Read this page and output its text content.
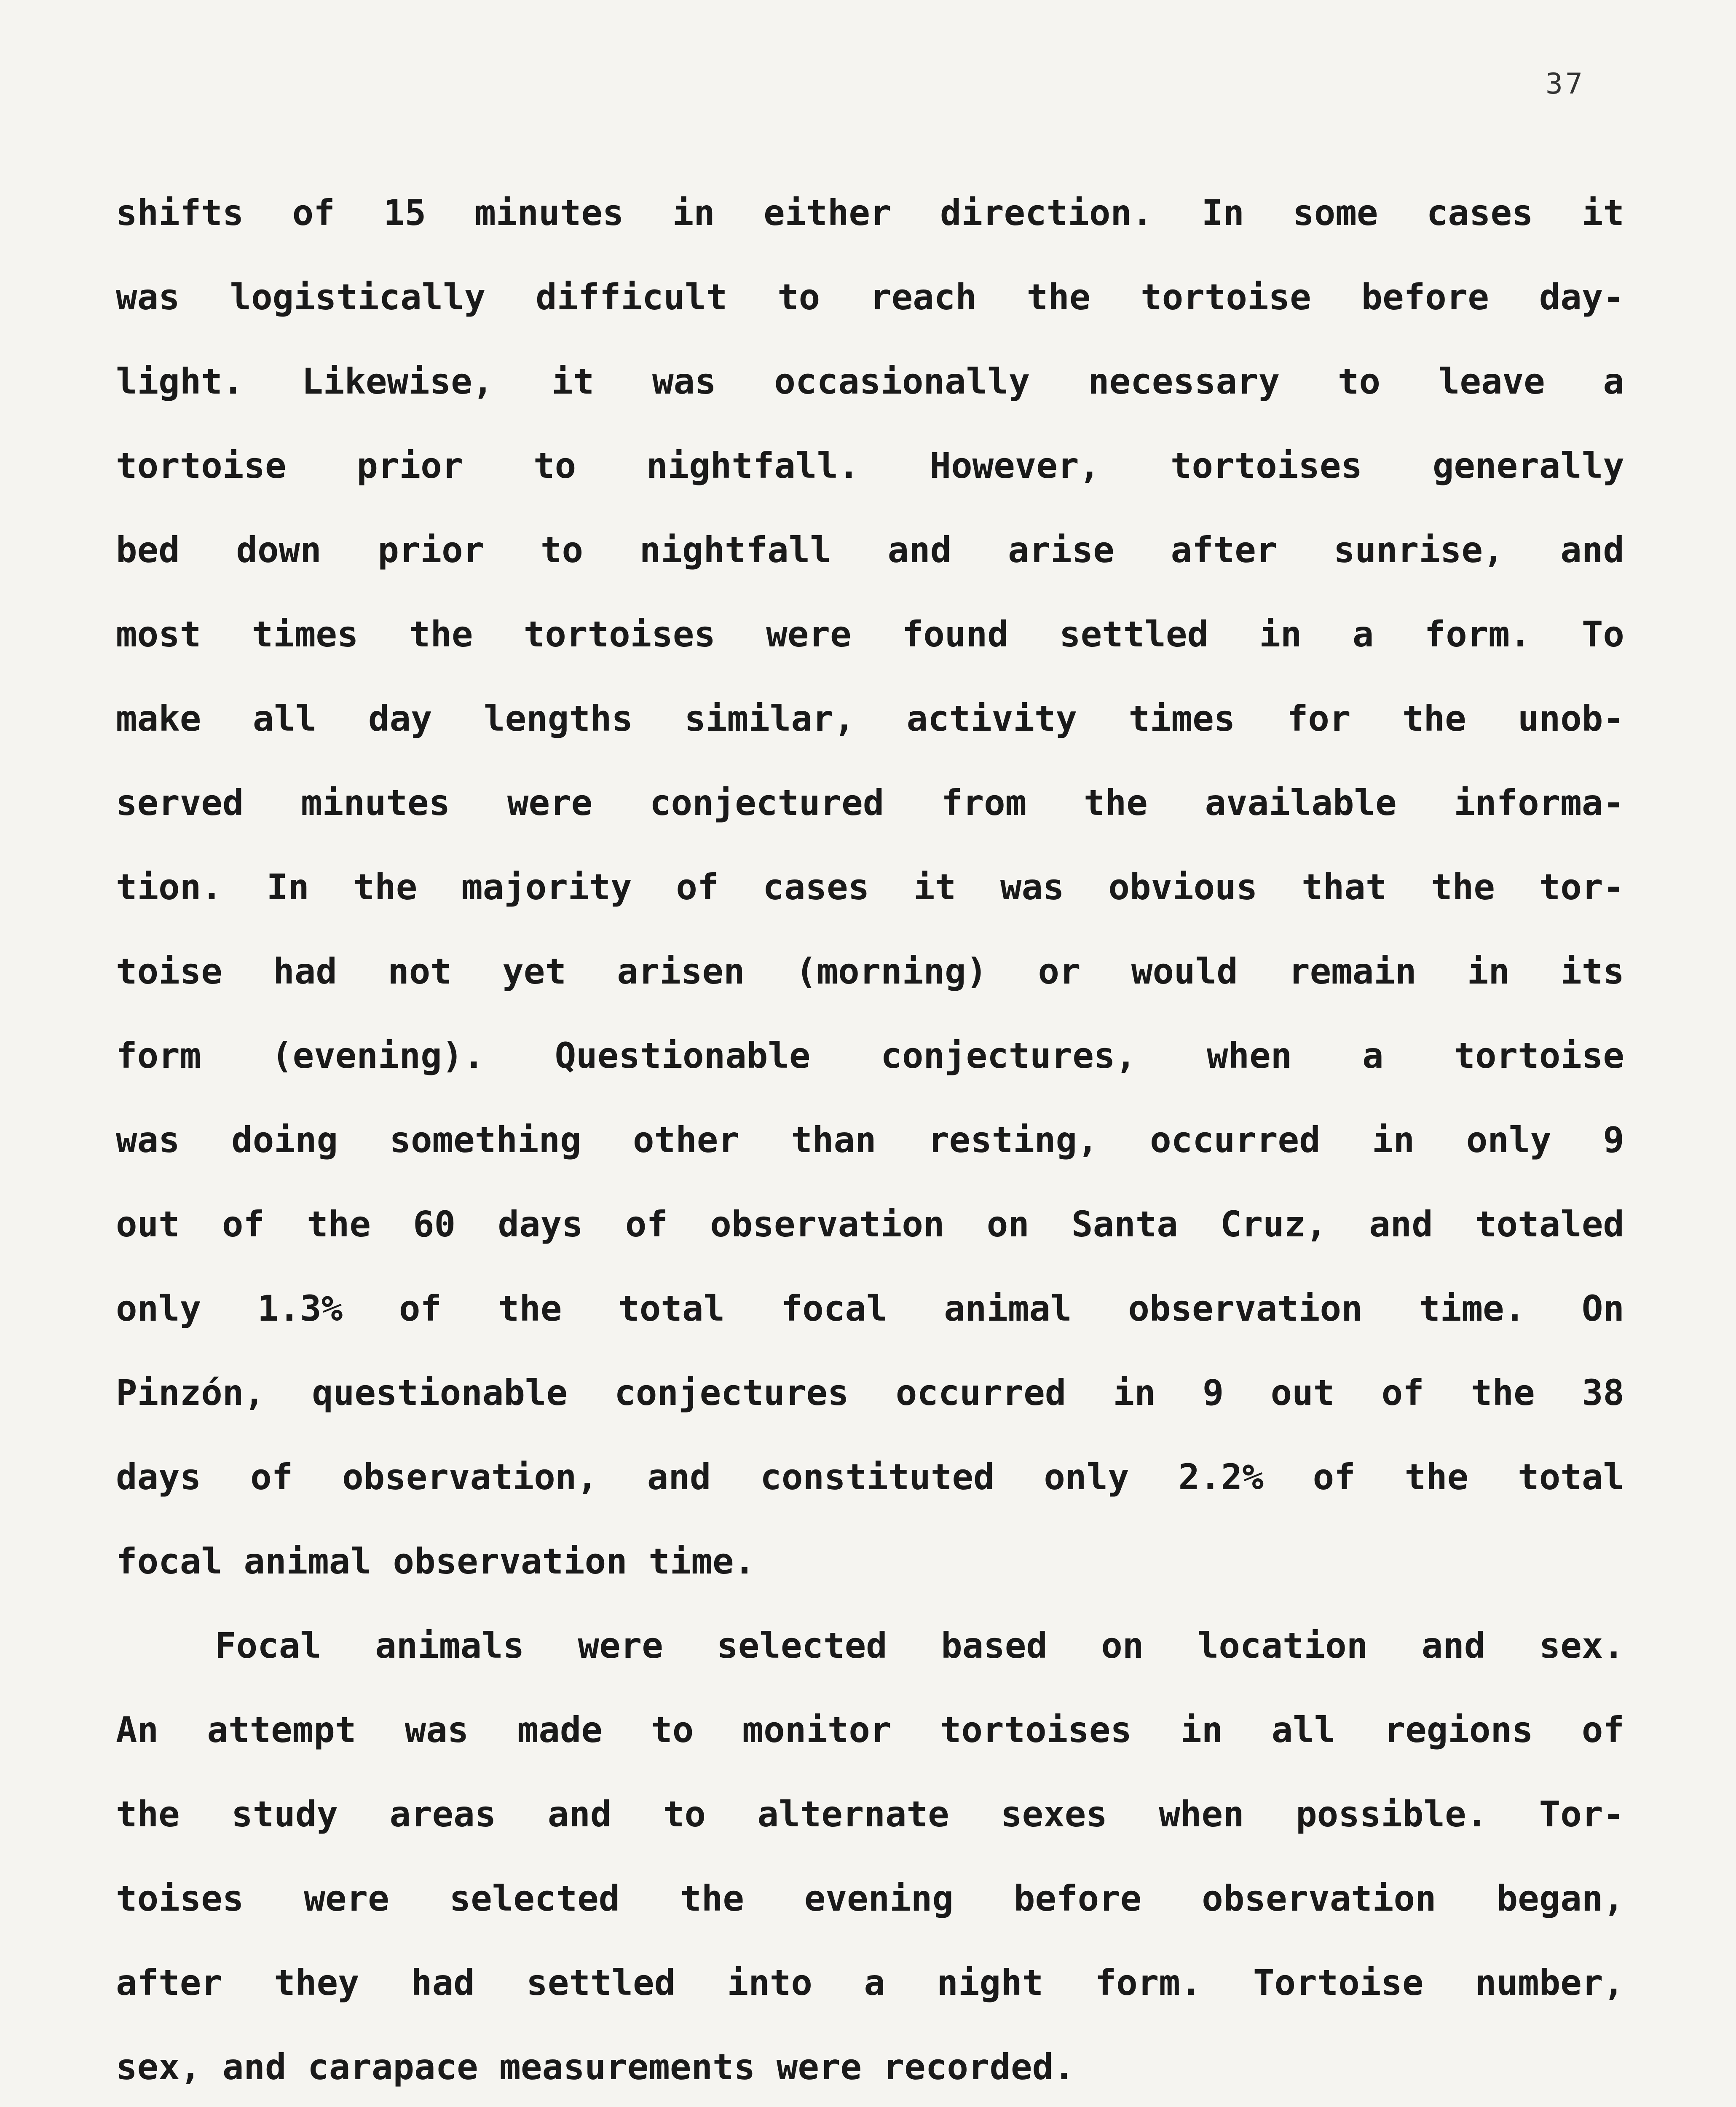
37
shifts of 15 minutes in either direction. In some cases it
was logistically difficult to reach the tortoise before day-
light. Likewise, it was occasionally necessary to leave a
tortoise prior to nightfall. However, tortoises generally
bed down prior to nightfall and arise after sunrise, and
most times the tortoises were found settled in a form. To
make all day lengths similar, activity times for the unob-
served minutes were conjectured from the available informa-
tion. In the majority of cases it was obvious that the tor-
toise had not yet arisen (morning) or would remain in its
form (evening). Questionable conjectures, when a tortoise
was doing something other than resting, occurred in only 9
out of the 60 days of observation on Santa Cruz, and totaled
only 1.3% of the total focal animal observation time. On
Pinzón, questionable conjectures occurred in 9 out of the 38
days of observation, and constituted only 2.2% of the total
focal animal observation time.
Focal animals were selected based on location and sex.
An attempt was made to monitor tortoises in all regions of
the study areas and to alternate sexes when possible. Tor-
toises were selected the evening before observation began,
after they had settled into a night form. Tortoise number,
sex, and carapace measurements were recorded.
